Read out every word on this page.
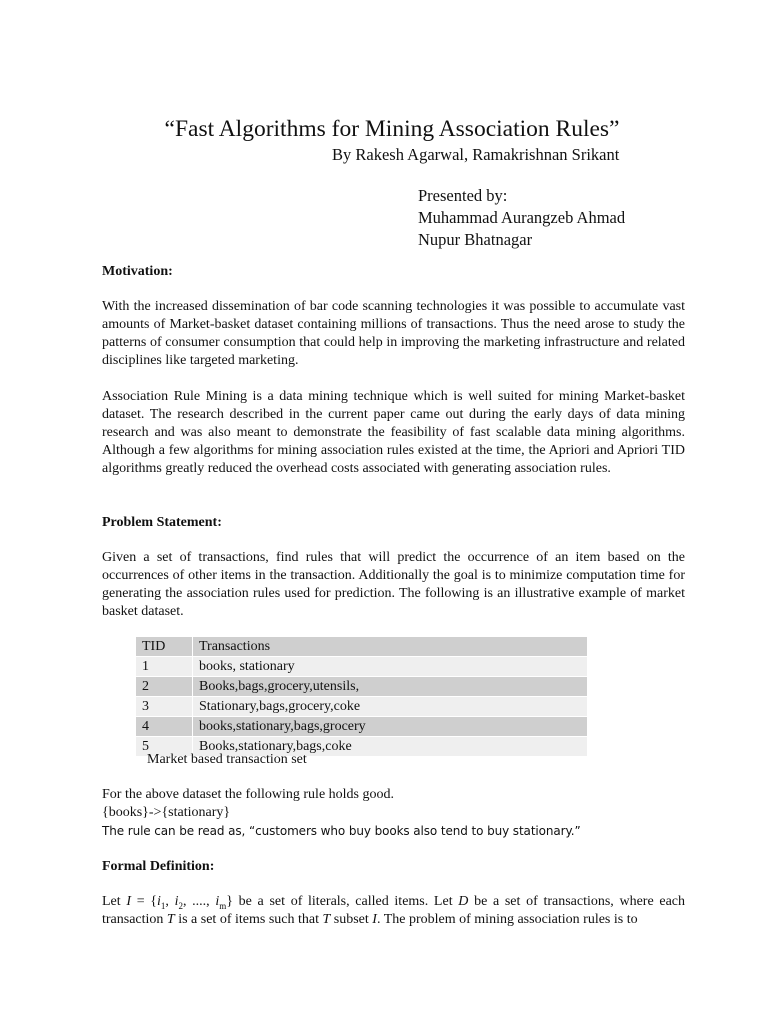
“Fast Algorithms for Mining Association Rules”
By Rakesh Agarwal, Ramakrishnan Srikant
Presented by:
Muhammad Aurangzeb Ahmad
Nupur Bhatnagar

Motivation:

With the increased dissemination of bar code scanning technologies it was possible to accumulate vast amounts of Market-basket dataset containing millions of transactions. Thus the need arose to study the patterns of consumer consumption that could help in improving the marketing infrastructure and related disciplines like targeted marketing.

Association Rule Mining is a data mining technique which is well suited for mining Market-basket dataset. The research described in the current paper came out during the early days of data mining research and was also meant to demonstrate the feasibility of fast scalable data mining algorithms. Although a few algorithms for mining association rules existed at the time, the Apriori and Apriori TID algorithms greatly reduced the overhead costs associated with generating association rules.

Problem Statement:

Given a set of transactions, find rules that will predict the occurrence of an item based on the occurrences of other items in the transaction. Additionally the goal is to minimize computation time for generating the association rules used for prediction. The following is an illustrative example of market basket dataset.

TID	Transactions
1	books, stationary
2	Books,bags,grocery,utensils,
3	Stationary,bags,grocery,coke
4	books,stationary,bags,grocery
5	Books,stationary,bags,coke
Market based transaction set
For the above dataset the following rule holds good.
{books}->{stationary}
The rule can be read as, “customers who buy books also tend to buy stationary.”

Formal Definition:

Let $I = \{i_1$, $i_2$, ...., $i_m$} be a set of literals, called items. Let D be a set of transactions, where each transaction T is a set of items such that T subset I. The problem of mining association rules is to
